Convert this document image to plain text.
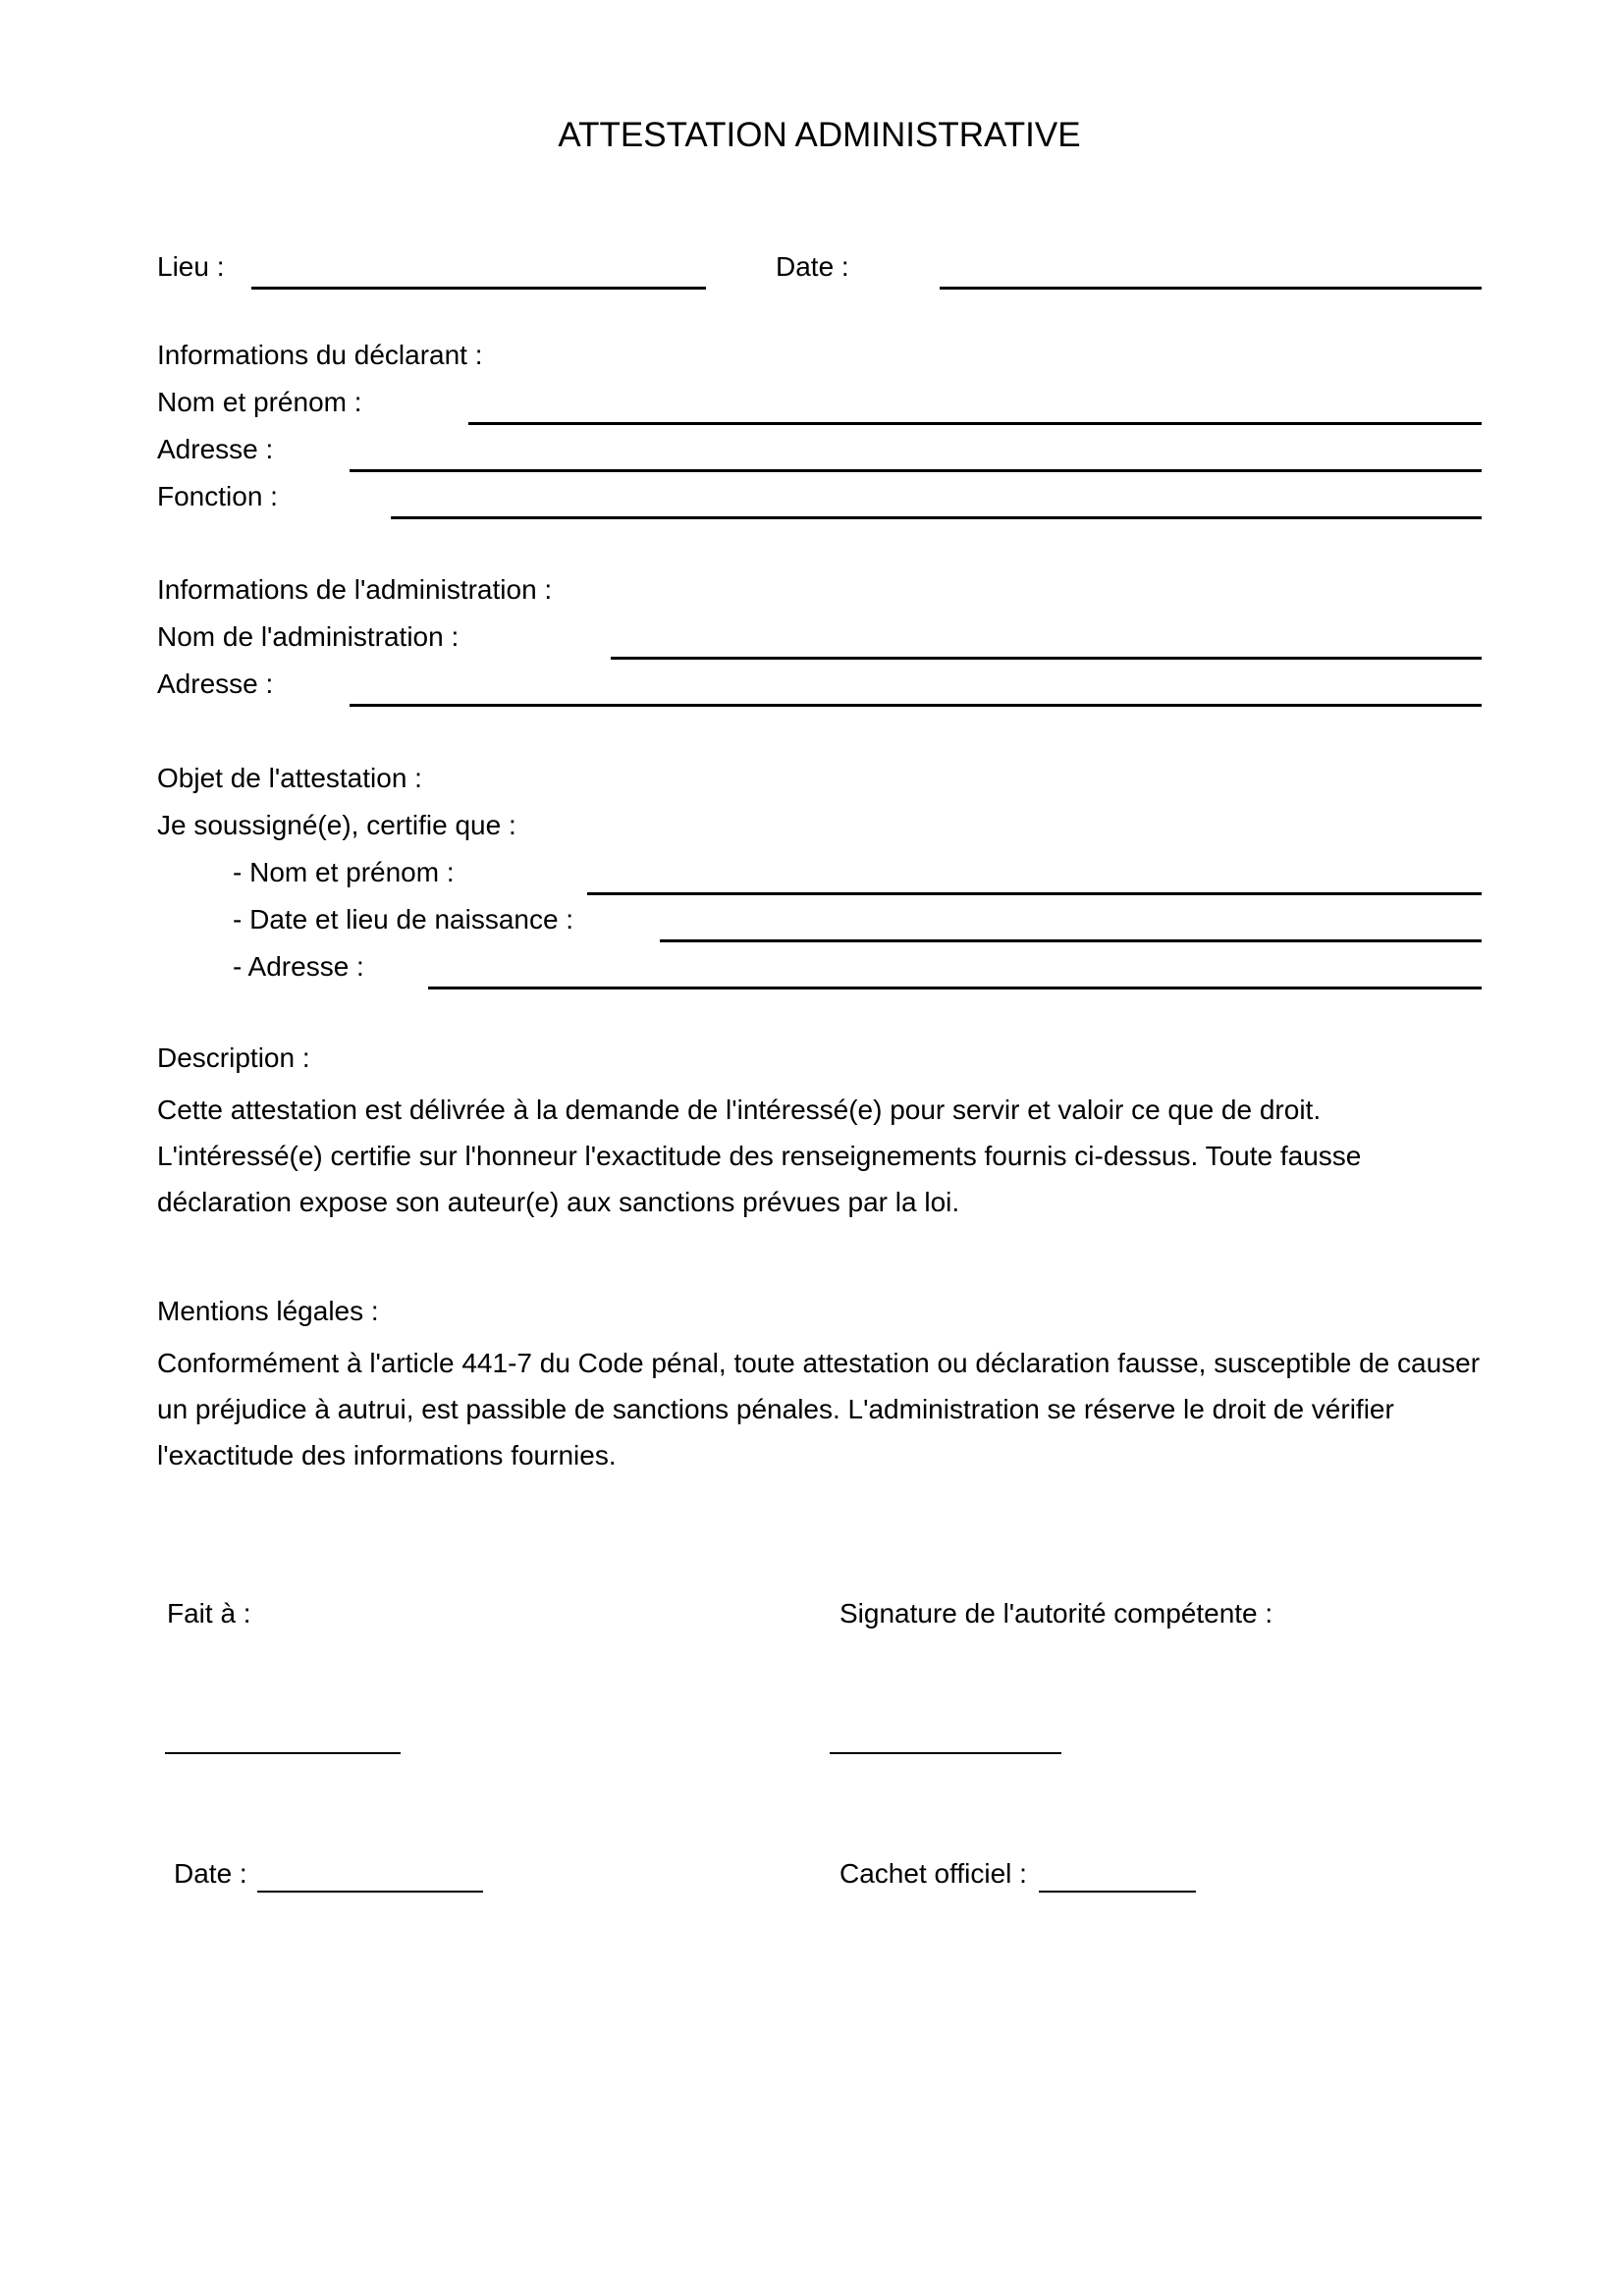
ATTESTATION ADMINISTRATIVE
Lieu :	Date :
Informations du déclarant :
Nom et prénom :
Adresse :
Fonction :
Informations de l'administration :
Nom de l'administration :
Adresse :
Objet de l'attestation :
Je soussigné(e), certifie que :
- Nom et prénom :
- Date et lieu de naissance :
- Adresse :
Description :
Cette attestation est délivrée à la demande de l'intéressé(e) pour servir et valoir ce que de droit.
L'intéressé(e) certifie sur l'honneur l'exactitude des renseignements fournis ci-dessus. Toute fausse
déclaration expose son auteur(e) aux sanctions prévues par la loi.
Mentions légales :
Conformément à l'article 441-7 du Code pénal, toute attestation ou déclaration fausse, susceptible de causer
un préjudice à autrui, est passible de sanctions pénales. L'administration se réserve le droit de vérifier
l'exactitude des informations fournies.
Fait à :	Signature de l'autorité compétente :
Date :	Cachet officiel :
